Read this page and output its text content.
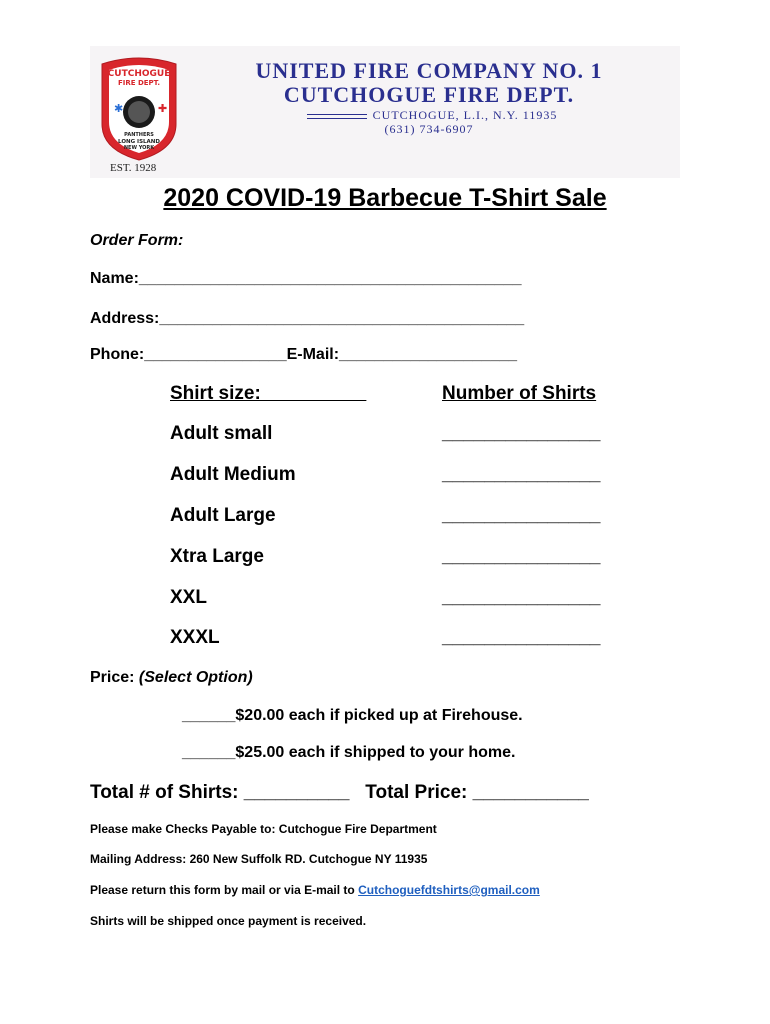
CUTCHOGUE
FIRE DEPT.
✱	✚
PANTHERS
LONG ISLAND
NEW YORK
EST. 1928
UNITED FIRE COMPANY NO. 1
CUTCHOGUE FIRE DEPT.
CUTCHOGUE, L.I., N.Y. 11935
(631) 734-6907
2020 COVID-19 Barbecue T-Shirt Sale
Order Form:
Name:___________________________________________
Address:_________________________________________
Phone:________________E-Mail:____________________
Shirt size:	Number of Shirts
Adult small	_______________
Adult Medium	_______________
Adult Large	_______________
Xtra Large	_______________
XXL	_______________
XXXL	_______________
Price: (Select Option)
______$20.00 each if picked up at Firehouse.
______$25.00 each if shipped to your home.
Total # of Shirts: __________ Total Price: ___________
Please make Checks Payable to: Cutchogue Fire Department
Mailing Address: 260 New Suffolk RD. Cutchogue NY 11935
Please return this form by mail or via E-mail to Cutchoguefdtshirts@gmail.com
Shirts will be shipped once payment is received.
